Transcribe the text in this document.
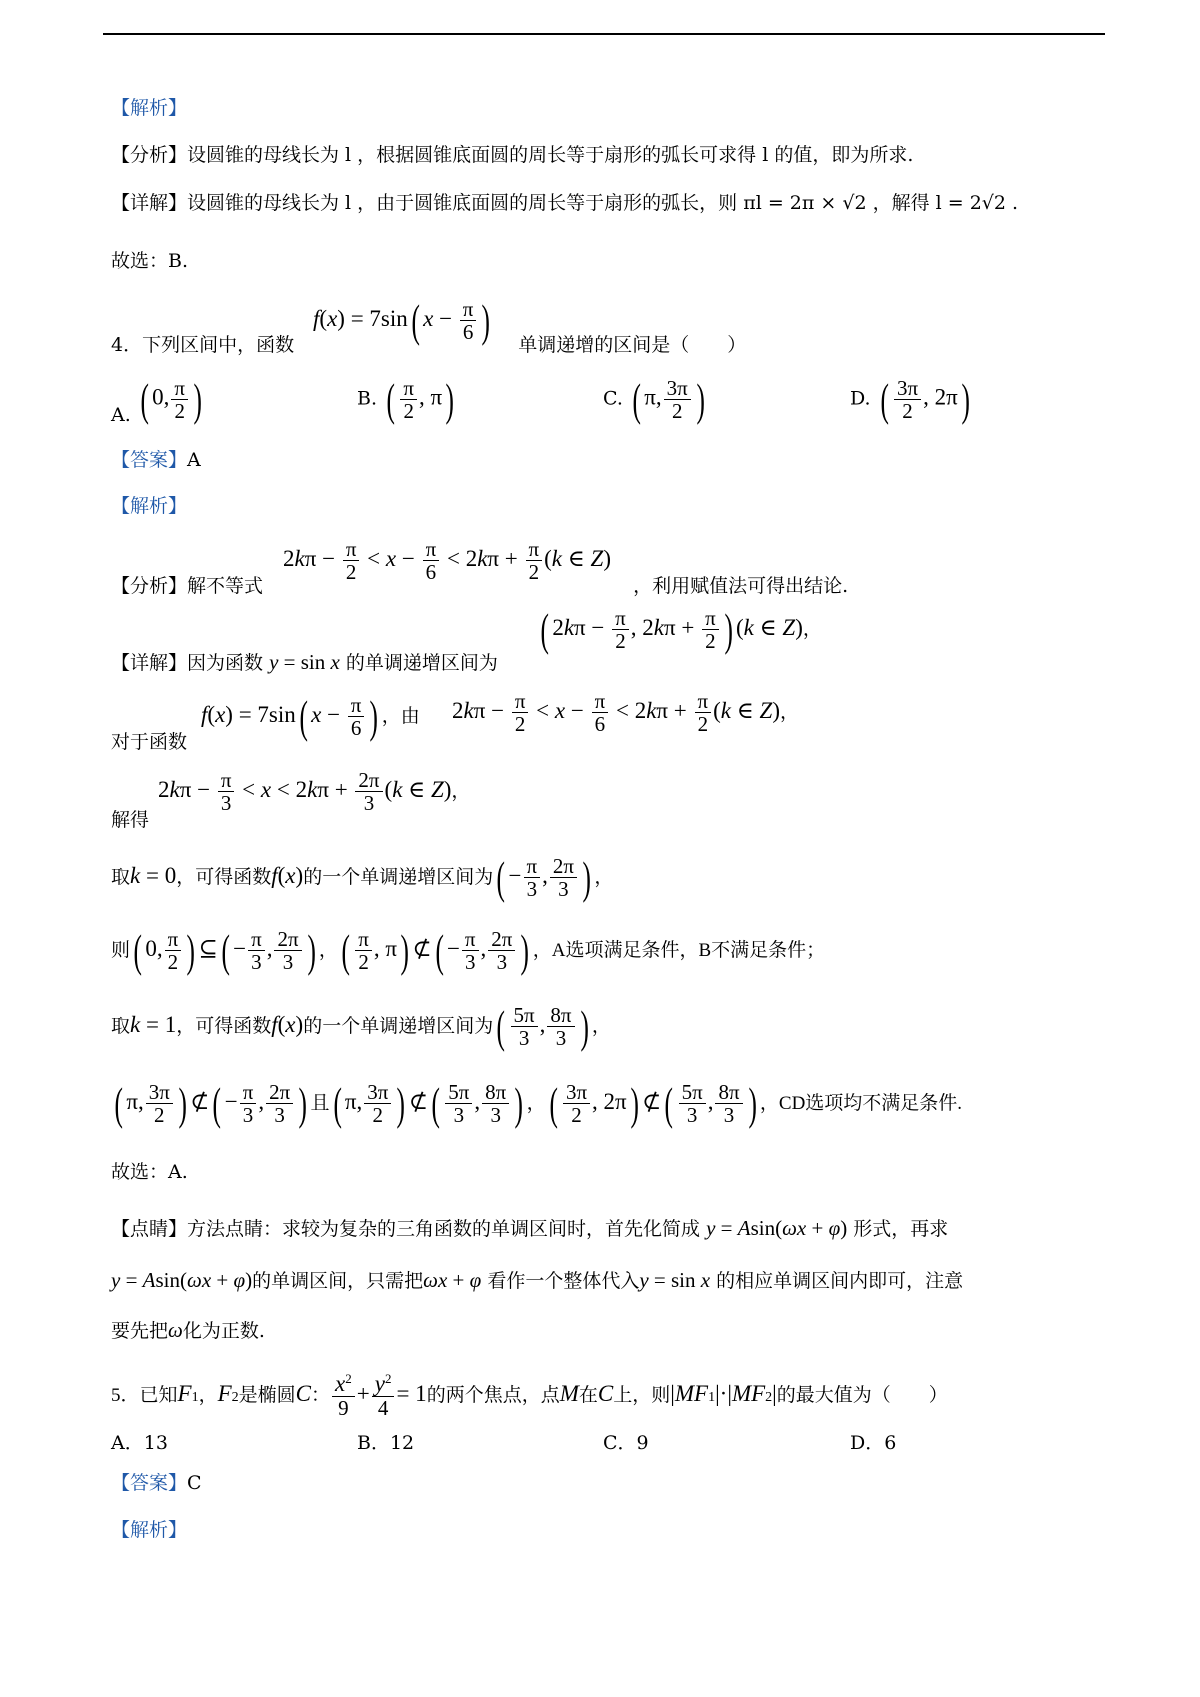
【解析】
【分析】设圆锥的母线长为 l ，根据圆锥底面圆的周长等于扇形的弧长可求得 l 的值，即为所求.
【详解】设圆锥的母线长为 l ，由于圆锥底面圆的周长等于扇形的弧长，则 πl = 2π × √2 ，解得 l = 2√2 .
故选：B.
4．下列区间中，函数	单调递增的区间是（　　）
f(x) = 7sin( $x - \frac{\pi}{6}$ )
A. ( 0, $\frac{\pi}{2}$ )	B. ( $\frac{\pi}{2}$ , π)	C. ( π, $\frac{3\pi}{2}$ )	D. ( $\frac{3\pi}{2}$ , 2π)
【答案】A
【解析】
【分析】解不等式	，利用赋值法可得出结论.
$2k\pi - \frac{\pi}{2} < x - \frac{\pi}{6} < 2k\pi + \frac{\pi}{2} (k$ ∈ Z)
【详解】因为函数 y = sin x 的单调递增区间为
( $2k\pi - \frac{\pi}{2}$ , $2k\pi + \frac{\pi}{2}$ ) (k ∈ Z)，
对于函数
f(x) = 7sin( $x - \frac{\pi}{6}$ ) ，由 $2k\pi - \frac{\pi}{2} < x - \frac{\pi}{6} < 2k\pi + \frac{\pi}{2} (k$ ∈ Z)，
解得
$2k\pi - \frac{\pi}{3} < x < 2k\pi + \frac{2\pi}{3} (k$ ∈ Z)，
取k = 0，可得函数f(x)的一个单调递增区间为( − $\frac{\pi}{3}$ , $\frac{2\pi}{3}$ ) ，
则( 0, $\frac{\pi}{2}$ ) ⊆( − $\frac{\pi}{3}$ , $\frac{2\pi}{3}$ ) ，( $\frac{\pi}{2}$ , π) ⊄( − $\frac{\pi}{3}$ , $\frac{2\pi}{3}$ ) ，A选项满足条件，B不满足条件；
取k = 1，可得函数f(x)的一个单调递增区间为( $\frac{5\pi}{3}$ , $\frac{8\pi}{3}$ ) ，
( π, $\frac{3\pi}{2}$ ) ⊄( − $\frac{\pi}{3}$ , $\frac{2\pi}{3}$ ) 且( π, $\frac{3\pi}{2}$ ) ⊄( $\frac{5\pi}{3}$ , $\frac{8\pi}{3}$ ) ，( $\frac{3\pi}{2}$ , 2π) ⊄( $\frac{5\pi}{3}$ , $\frac{8\pi}{3}$ ) ，CD选项均不满足条件.
故选：A.
【点睛】方法点睛：求较为复杂的三角函数的单调区间时，首先化简成 y = Asin(ωx + φ) 形式，再求
y = Asin(ωx + φ)的单调区间，只需把ωx + φ 看作一个整体代入y = sin x 的相应单调区间内即可，注意
要先把ω化为正数.
5．已知F1，F2是椭圆C： $\frac{x^2}{9} + \frac{y^2}{4} = 1$的两个焦点，点M在C上，则|MF1|·|MF2|的最大值为（　　）
A．13	B．12	C．9	D．6
【答案】C
【解析】
